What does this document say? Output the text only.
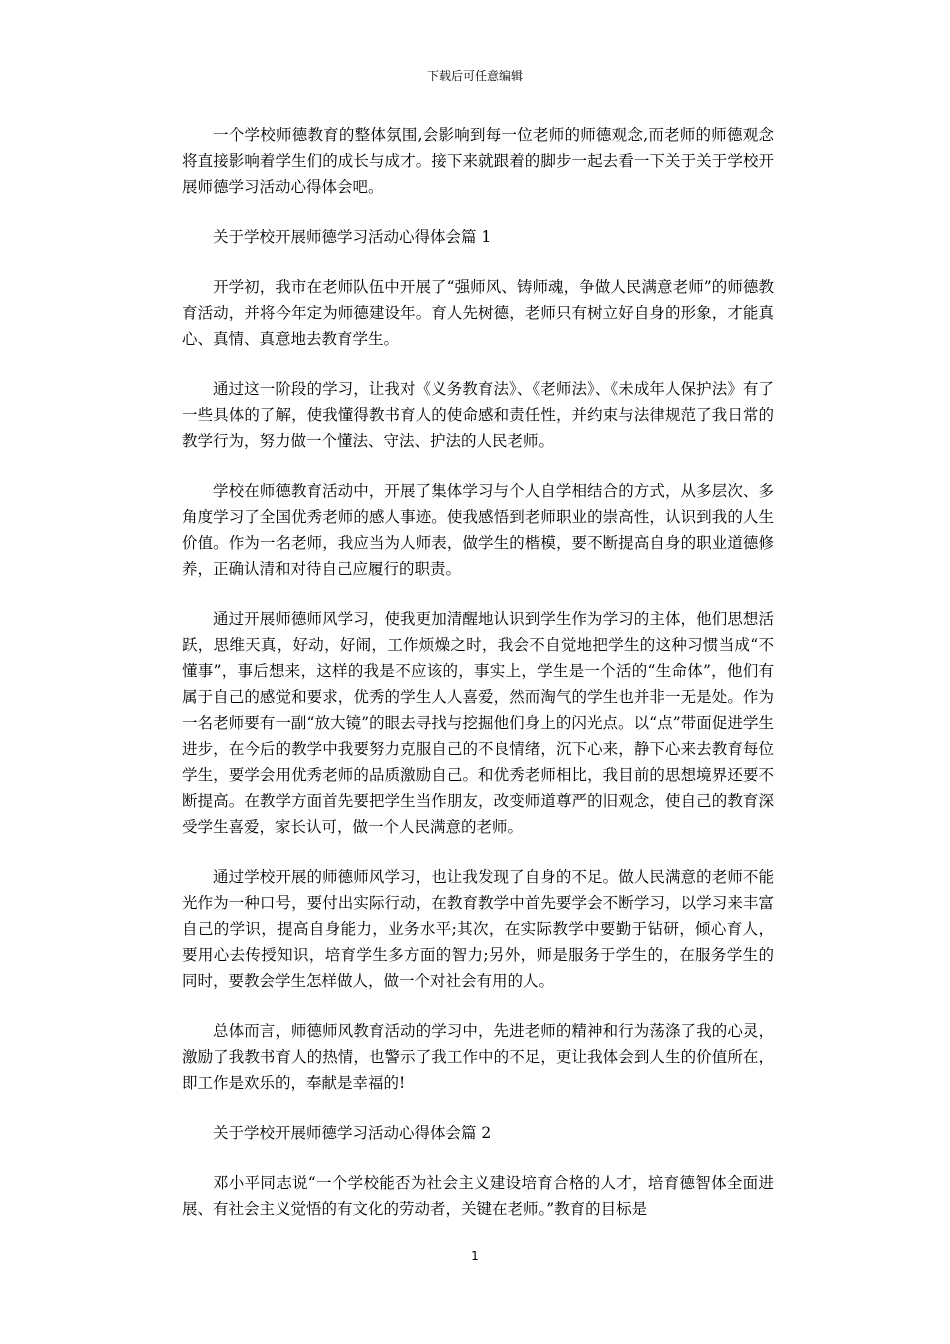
下载后可任意编辑

一个学校师德教育的整体氛围,会影响到每一位老师的师德观念,而老师的师德观念将直接影响着学生们的成长与成才。接下来就跟着的脚步一起去看一下关于关于学校开展师德学习活动心得体会吧。

关于学校开展师德学习活动心得体会篇 1

开学初，我市在老师队伍中开展了“强师风、铸师魂，争做人民满意老师”的师德教育活动，并将今年定为师德建设年。育人先树德，老师只有树立好自身的形象，才能真心、真情、真意地去教育学生。

通过这一阶段的学习，让我对《义务教育法》、《老师法》、《未成年人保护法》有了一些具体的了解，使我懂得教书育人的使命感和责任性，并约束与法律规范了我日常的教学行为，努力做一个懂法、守法、护法的人民老师。

学校在师德教育活动中，开展了集体学习与个人自学相结合的方式，从多层次、多角度学习了全国优秀老师的感人事迹。使我感悟到老师职业的崇高性，认识到我的人生价值。作为一名老师，我应当为人师表，做学生的楷模，要不断提高自身的职业道德修养，正确认清和对待自己应履行的职责。

通过开展师德师风学习，使我更加清醒地认识到学生作为学习的主体，他们思想活跃，思维天真，好动，好闹，工作烦燥之时，我会不自觉地把学生的这种习惯当成“不懂事”，事后想来，这样的我是不应该的，事实上，学生是一个活的“生命体”，他们有属于自己的感觉和要求，优秀的学生人人喜爱，然而淘气的学生也并非一无是处。作为一名老师要有一副“放大镜”的眼去寻找与挖掘他们身上的闪光点。以“点”带面促进学生进步，在今后的教学中我要努力克服自己的不良情绪，沉下心来，静下心来去教育每位学生，要学会用优秀老师的品质激励自己。和优秀老师相比，我目前的思想境界还要不断提高。在教学方面首先要把学生当作朋友，改变师道尊严的旧观念，使自己的教育深受学生喜爱，家长认可，做一个人民满意的老师。

通过学校开展的师德师风学习，也让我发现了自身的不足。做人民满意的老师不能光作为一种口号，要付出实际行动，在教育教学中首先要学会不断学习，以学习来丰富自己的学识，提高自身能力，业务水平;其次，在实际教学中要勤于钻研，倾心育人，要用心去传授知识，培育学生多方面的智力;另外，师是服务于学生的，在服务学生的同时，要教会学生怎样做人，做一个对社会有用的人。

总体而言，师德师风教育活动的学习中，先进老师的精神和行为荡涤了我的心灵，激励了我教书育人的热情，也警示了我工作中的不足，更让我体会到人生的价值所在，即工作是欢乐的，奉献是幸福的!

关于学校开展师德学习活动心得体会篇 2

邓小平同志说“一个学校能否为社会主义建设培育合格的人才，培育德智体全面进展、有社会主义觉悟的有文化的劳动者，关键在老师。”教育的目标是

1
